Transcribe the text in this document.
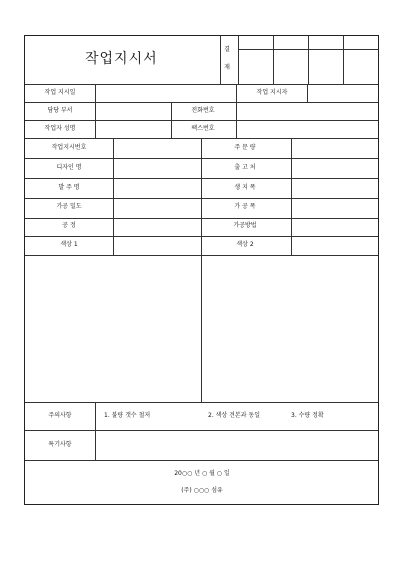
작업지시서
결
재
작업 지시일	작업 지시자
담당 부서	전화번호
작업자 성명	팩스번호
작업지시번호	주 문 량
디자인 명	출 고 처
발 주 명	생 지 폭
가공 밀도	가 공 폭
공 정	가공방법
색상 1	색상 2
주의사항	1. 불량 갯수 철저	2. 색상 견본과 동일	3. 수량 정확
특기사항
20○○ 년 ○ 월 ○ 일
(주) ○○○ 섬유
